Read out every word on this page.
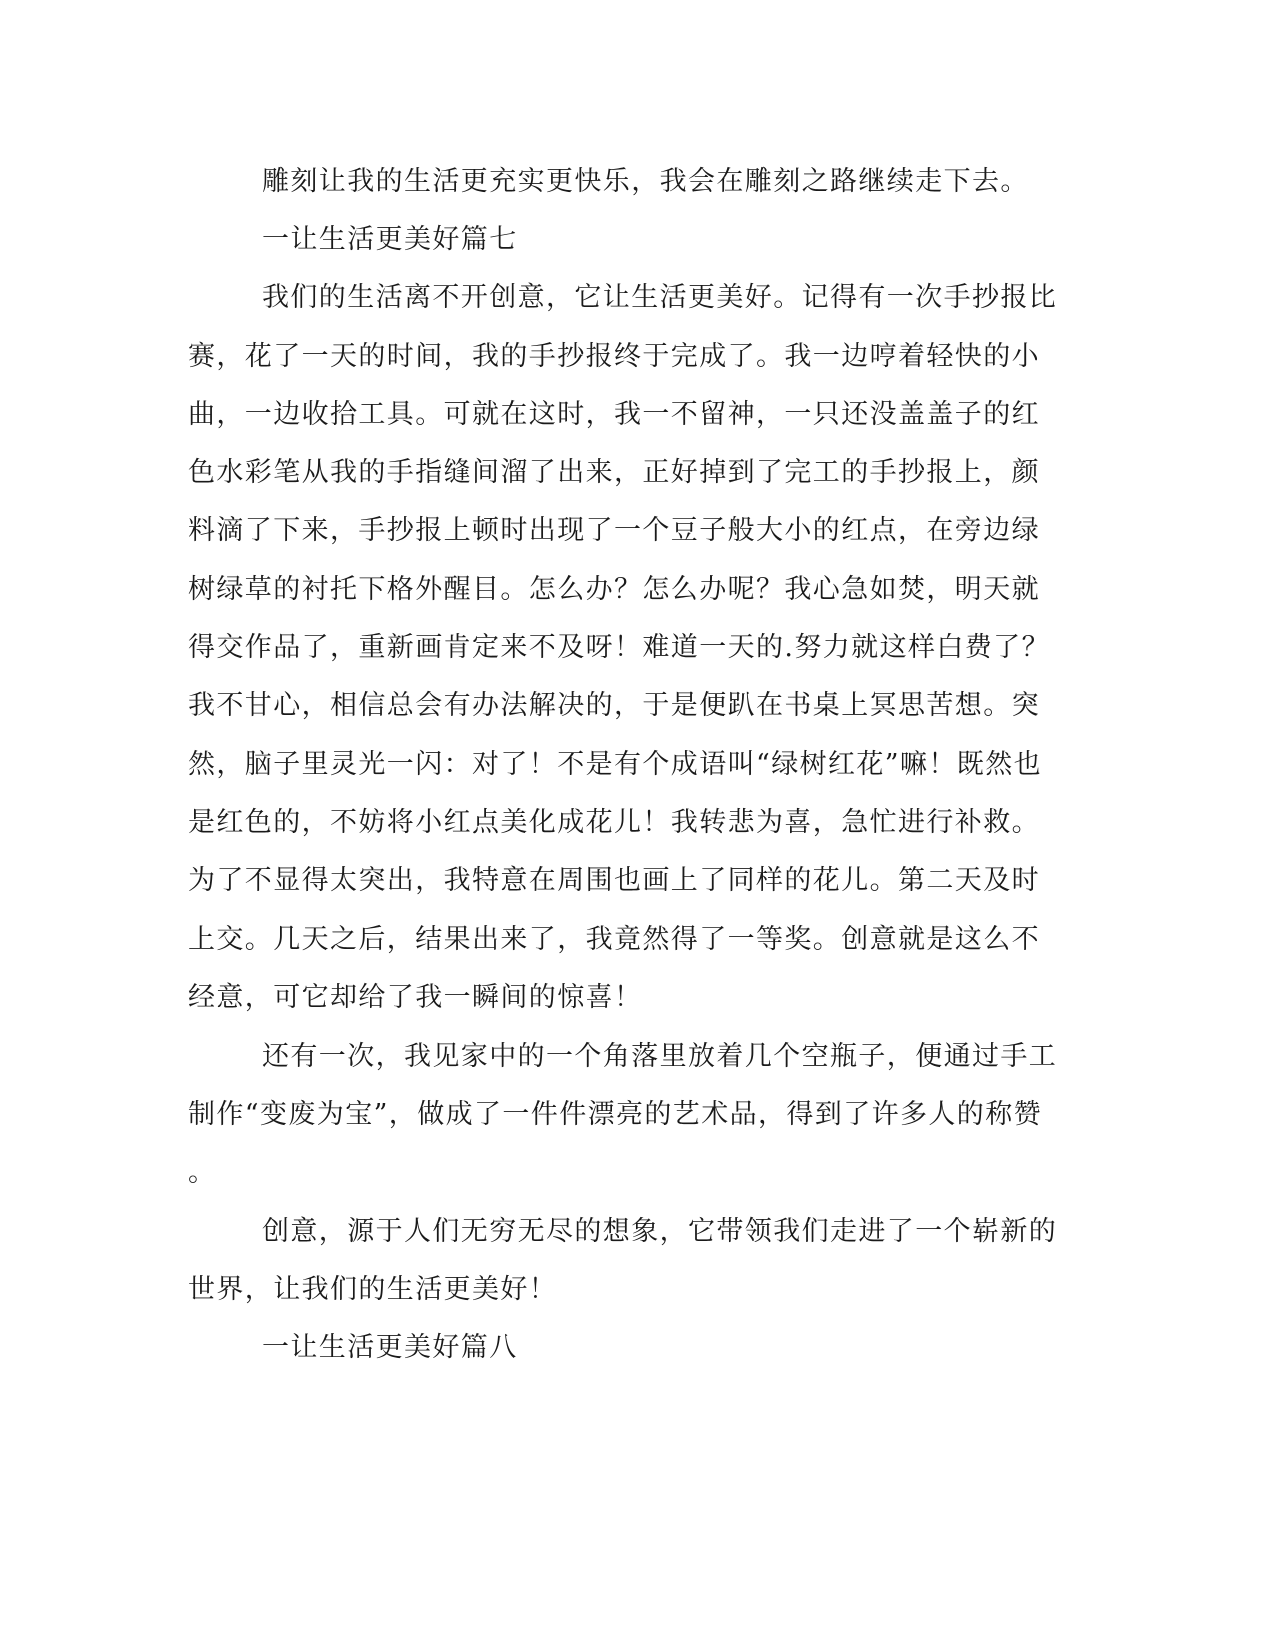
雕刻让我的生活更充实更快乐，我会在雕刻之路继续走下去。
一让生活更美好篇七
我们的生活离不开创意，它让生活更美好。记得有一次手抄报比
赛，花了一天的时间，我的手抄报终于完成了。我一边哼着轻快的小
曲，一边收拾工具。可就在这时，我一不留神，一只还没盖盖子的红
色水彩笔从我的手指缝间溜了出来，正好掉到了完工的手抄报上，颜
料滴了下来，手抄报上顿时出现了一个豆子般大小的红点，在旁边绿
树绿草的衬托下格外醒目。怎么办？怎么办呢？我心急如焚，明天就
得交作品了，重新画肯定来不及呀！难道一天的.努力就这样白费了？
我不甘心，相信总会有办法解决的，于是便趴在书桌上冥思苦想。突
然，脑子里灵光一闪：对了！不是有个成语叫“绿树红花”嘛！既然也
是红色的，不妨将小红点美化成花儿！我转悲为喜，急忙进行补救。
为了不显得太突出，我特意在周围也画上了同样的花儿。第二天及时
上交。几天之后，结果出来了，我竟然得了一等奖。创意就是这么不
经意，可它却给了我一瞬间的惊喜！
还有一次，我见家中的一个角落里放着几个空瓶子，便通过手工
制作“变废为宝”，做成了一件件漂亮的艺术品，得到了许多人的称赞
。
创意，源于人们无穷无尽的想象，它带领我们走进了一个崭新的
世界，让我们的生活更美好！
一让生活更美好篇八
